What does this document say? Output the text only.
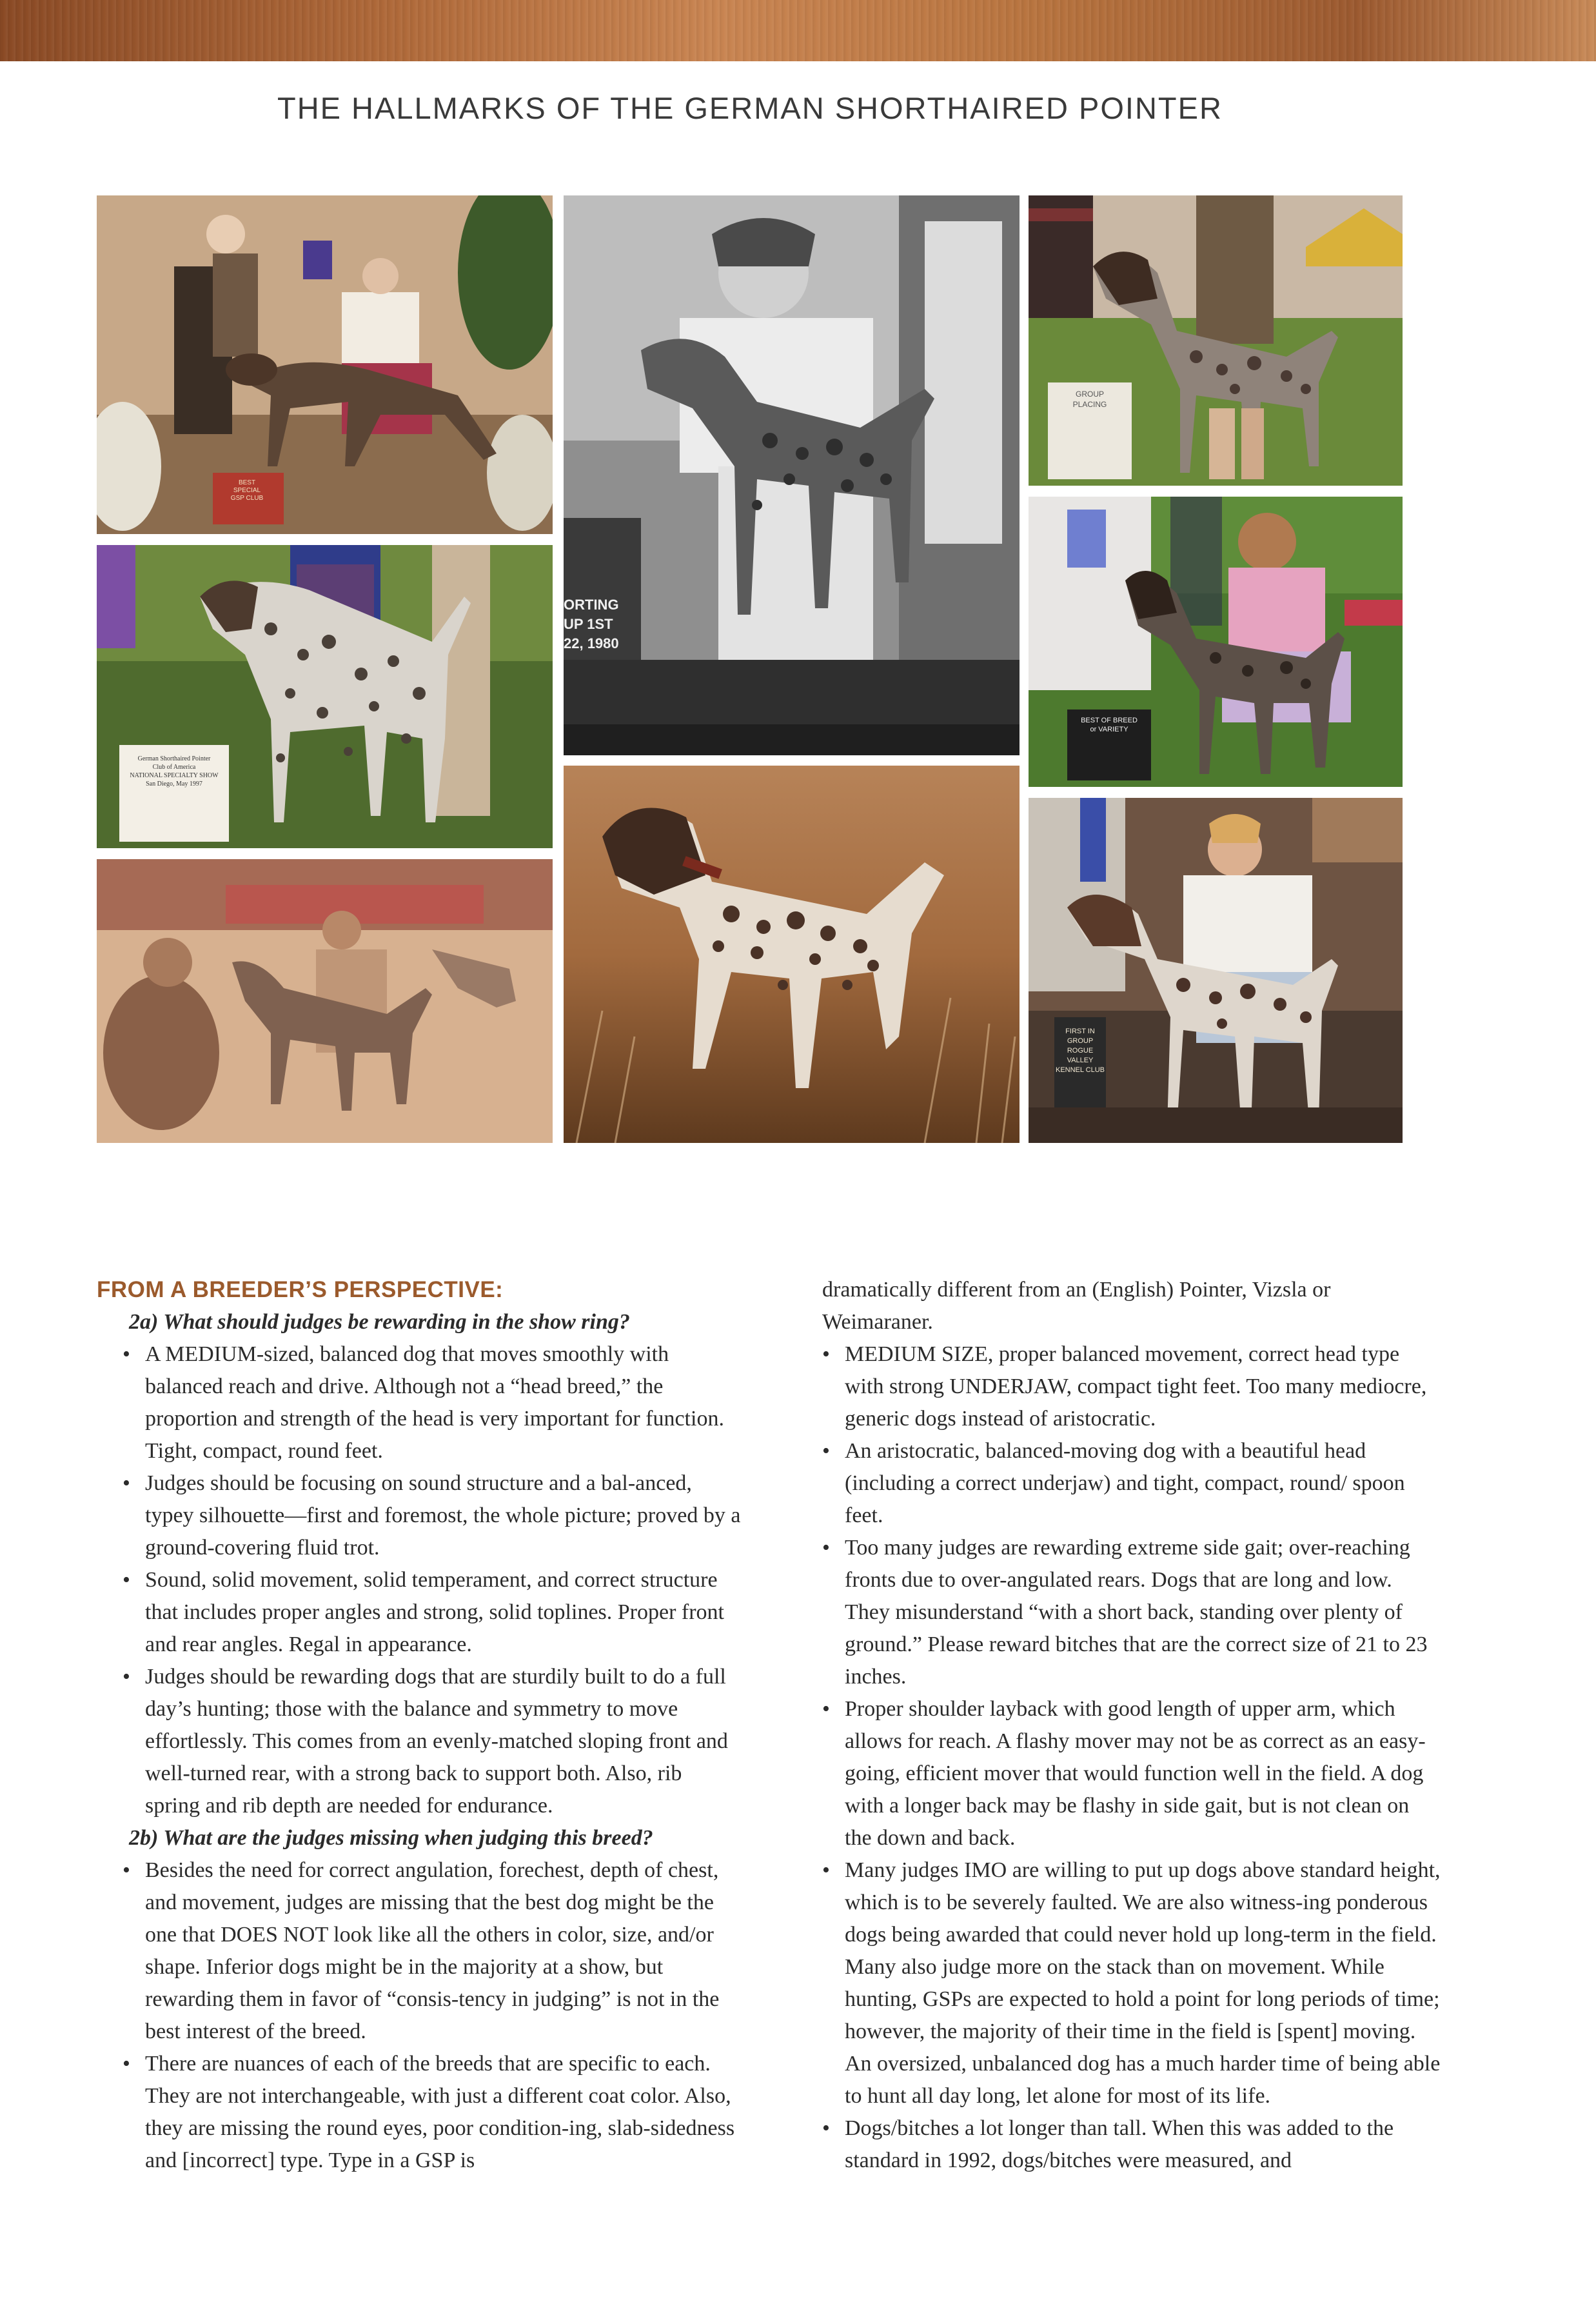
THE HALLMARKS OF THE GERMAN SHORTHAIRED POINTER
BEST
SPECIAL
GSP CLUB
German Shorthaired Pointer
Club of America
NATIONAL SPECIALTY SHOW
San Diego, May 1997
ORTING
UP 1ST
22, 1980
GROUP
PLACING
BEST OF BREED
or VARIETY
FIRST IN
GROUP
ROGUE
VALLEY
KENNEL CLUB
FROM A BREEDER’S PERSPECTIVE:
2a) What should judges be rewarding in the show ring?
• A MEDIUM-sized, balanced dog that moves smoothly with balanced reach and drive. Although not a “head breed,” the proportion and strength of the head is very important for function. Tight, compact, round feet.
• Judges should be focusing on sound structure and a bal-anced, typey silhouette—first and foremost, the whole picture; proved by a ground-covering fluid trot.
• Sound, solid movement, solid temperament, and correct structure that includes proper angles and strong, solid toplines. Proper front and rear angles. Regal in appearance.
• Judges should be rewarding dogs that are sturdily built to do a full day’s hunting; those with the balance and symmetry to move effortlessly. This comes from an evenly-matched sloping front and well-turned rear, with a strong back to support both. Also, rib spring and rib depth are needed for endurance.
2b) What are the judges missing when judging this breed?
• Besides the need for correct angulation, forechest, depth of chest, and movement, judges are missing that the best dog might be the one that DOES NOT look like all the others in color, size, and/or shape. Inferior dogs might be in the majority at a show, but rewarding them in favor of “consis-tency in judging” is not in the best interest of the breed.
• There are nuances of each of the breeds that are specific to each. They are not interchangeable, with just a different coat color. Also, they are missing the round eyes, poor condition-ing, slab-sidedness and [incorrect] type. Type in a GSP is
dramatically different from an (English) Pointer, Vizsla or Weimaraner.
• MEDIUM SIZE, proper balanced movement, correct head type with strong UNDERJAW, compact tight feet. Too many mediocre, generic dogs instead of aristocratic.
• An aristocratic, balanced-moving dog with a beautiful head (including a correct underjaw) and tight, compact, round/ spoon feet.
• Too many judges are rewarding extreme side gait; over-reaching fronts due to over-angulated rears. Dogs that are long and low. They misunderstand “with a short back, standing over plenty of ground.” Please reward bitches that are the correct size of 21 to 23 inches.
• Proper shoulder layback with good length of upper arm, which allows for reach. A flashy mover may not be as correct as an easy-going, efficient mover that would function well in the field. A dog with a longer back may be flashy in side gait, but is not clean on the down and back.
• Many judges IMO are willing to put up dogs above standard height, which is to be severely faulted. We are also witness-ing ponderous dogs being awarded that could never hold up long-term in the field. Many also judge more on the stack than on movement. While hunting, GSPs are expected to hold a point for long periods of time; however, the majority of their time in the field is [spent] moving. An oversized, unbalanced dog has a much harder time of being able to hunt all day long, let alone for most of its life.
• Dogs/bitches a lot longer than tall. When this was added to the standard in 1992, dogs/bitches were measured, and
